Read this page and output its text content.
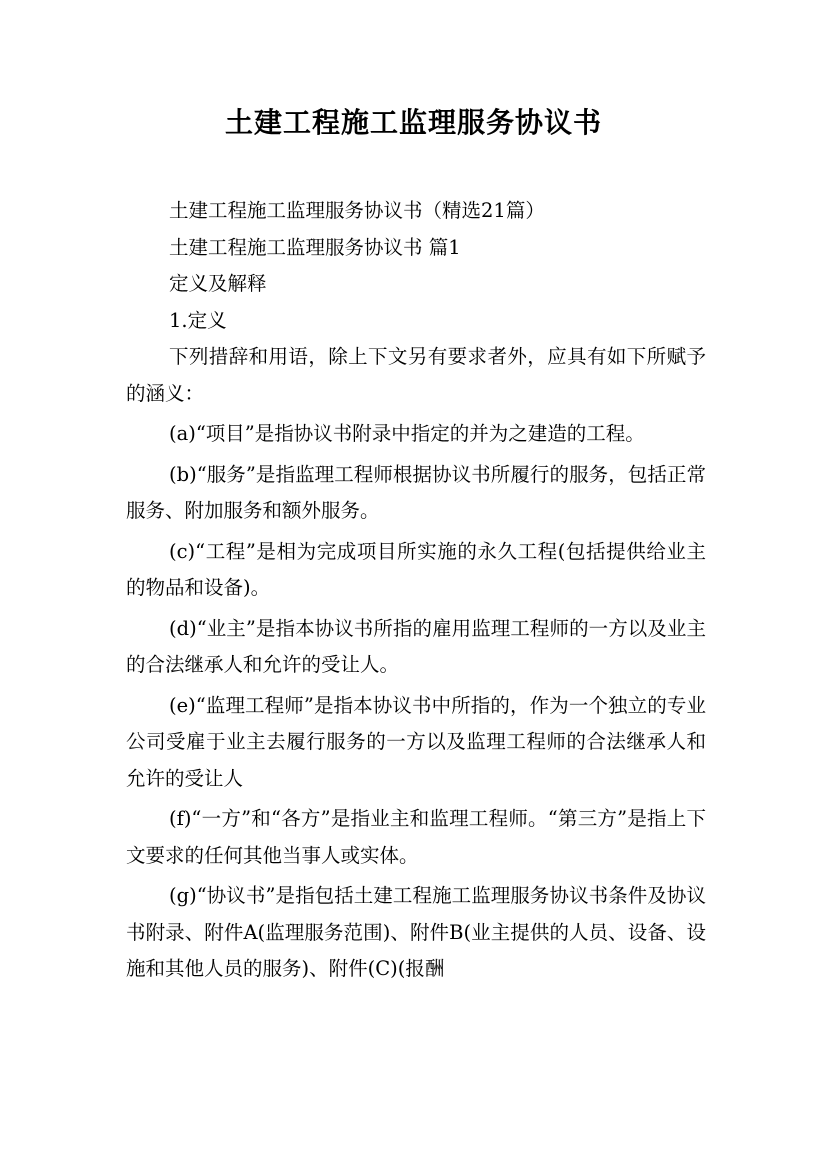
土建工程施工监理服务协议书

土建工程施工监理服务协议书（精选21篇）

土建工程施工监理服务协议书 篇1

定义及解释

1.定义

下列措辞和用语，除上下文另有要求者外，应具有如下所赋予的涵义：

(a)“项目”是指协议书附录中指定的并为之建造的工程。

(b)“服务”是指监理工程师根据协议书所履行的服务，包括正常服务、附加服务和额外服务。

(c)“工程”是相为完成项目所实施的永久工程(包括提供给业主的物品和设备)。

(d)“业主”是指本协议书所指的雇用监理工程师的一方以及业主的合法继承人和允许的受让人。

(e)“监理工程师”是指本协议书中所指的，作为一个独立的专业公司受雇于业主去履行服务的一方以及监理工程师的合法继承人和允许的受让人

(f)“一方”和“各方”是指业主和监理工程师。“第三方”是指上下文要求的任何其他当事人或实体。

(g)“协议书”是指包括土建工程施工监理服务协议书条件及协议书附录、附件A(监理服务范围)、附件B(业主提供的人员、设备、设施和其他人员的服务)、附件(C)(报酬
